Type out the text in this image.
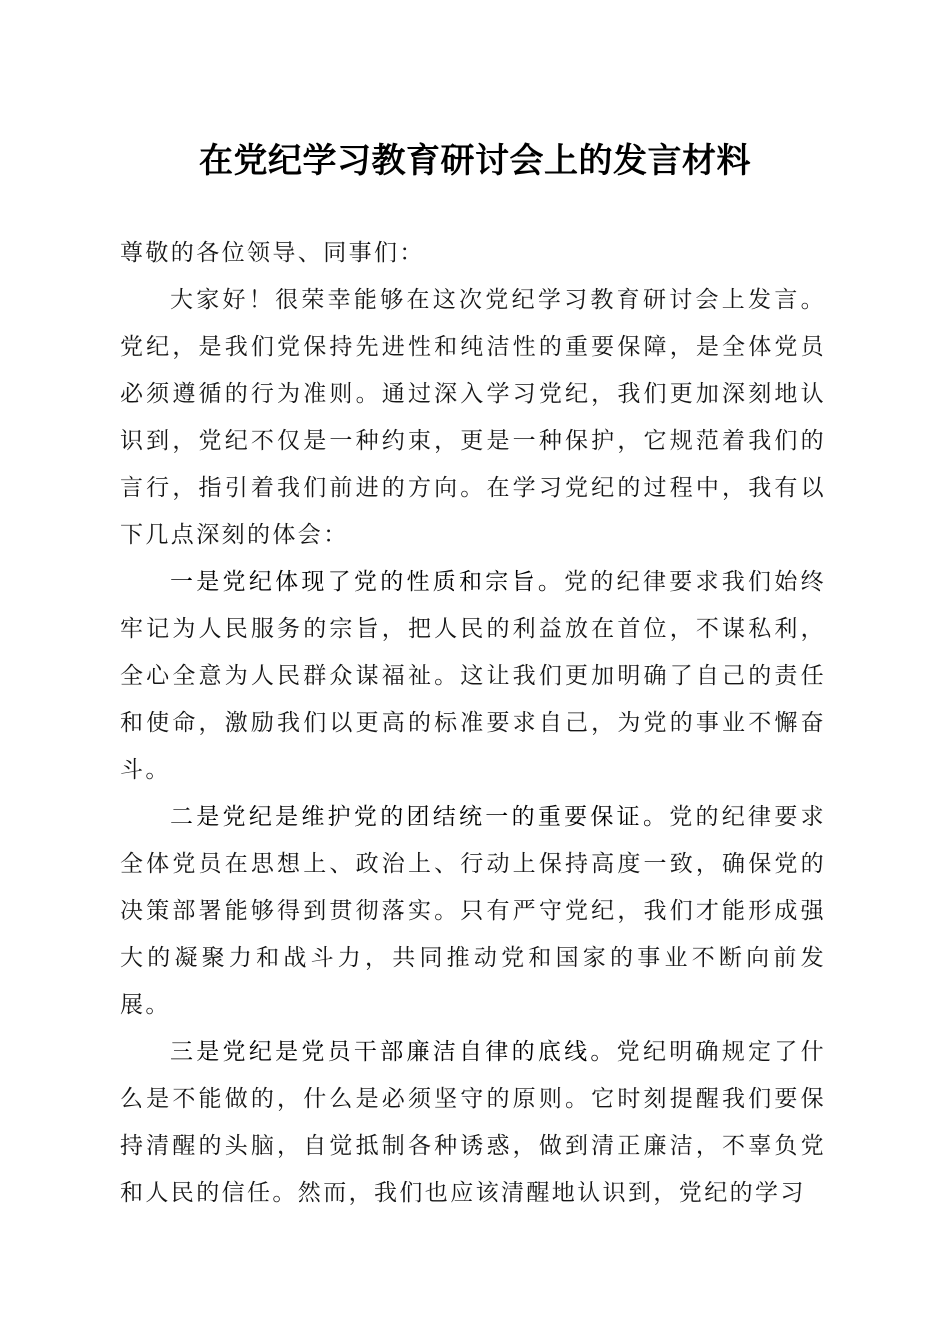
在党纪学习教育研讨会上的发言材料

尊敬的各位领导、同事们：

大家好！很荣幸能够在这次党纪学习教育研讨会上发言。党纪，是我们党保持先进性和纯洁性的重要保障，是全体党员必须遵循的行为准则。通过深入学习党纪，我们更加深刻地认识到，党纪不仅是一种约束，更是一种保护，它规范着我们的言行，指引着我们前进的方向。在学习党纪的过程中，我有以下几点深刻的体会：

一是党纪体现了党的性质和宗旨。党的纪律要求我们始终牢记为人民服务的宗旨，把人民的利益放在首位，不谋私利，全心全意为人民群众谋福祉。这让我们更加明确了自己的责任和使命，激励我们以更高的标准要求自己，为党的事业不懈奋斗。

二是党纪是维护党的团结统一的重要保证。党的纪律要求全体党员在思想上、政治上、行动上保持高度一致，确保党的决策部署能够得到贯彻落实。只有严守党纪，我们才能形成强大的凝聚力和战斗力，共同推动党和国家的事业不断向前发展。

三是党纪是党员干部廉洁自律的底线。党纪明确规定了什么是不能做的，什么是必须坚守的原则。它时刻提醒我们要保持清醒的头脑，自觉抵制各种诱惑，做到清正廉洁，不辜负党和人民的信任。然而，我们也应该清醒地认识到，党纪的学习
